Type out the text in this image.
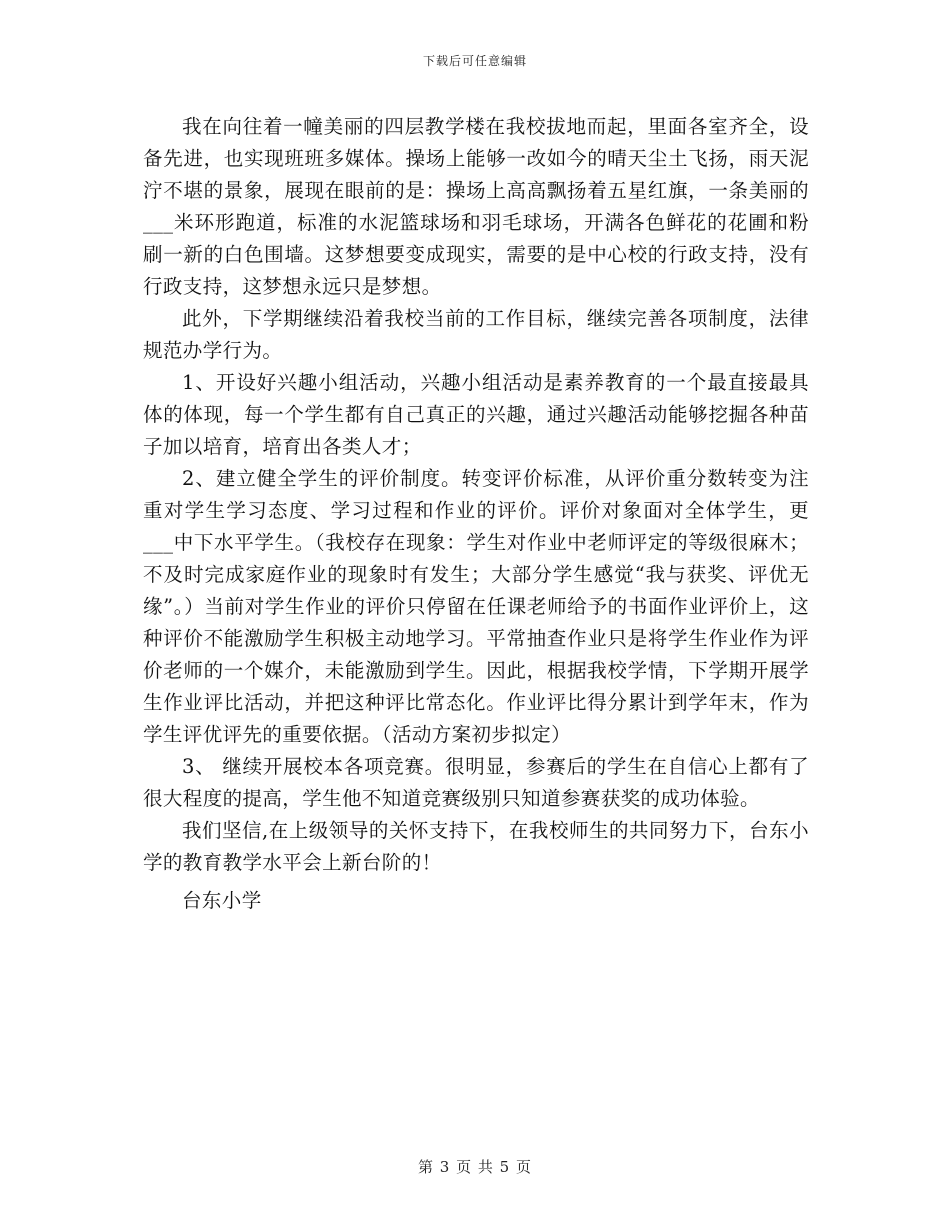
下载后可任意编辑

我在向往着一幢美丽的四层教学楼在我校拔地而起，里面各室齐全，设备先进，也实现班班多媒体。操场上能够一改如今的晴天尘土飞扬，雨天泥泞不堪的景象，展现在眼前的是：操场上高高飘扬着五星红旗，一条美丽的___米环形跑道，标准的水泥篮球场和羽毛球场，开满各色鲜花的花圃和粉刷一新的白色围墙。这梦想要变成现实，需要的是中心校的行政支持，没有行政支持，这梦想永远只是梦想。

此外，下学期继续沿着我校当前的工作目标，继续完善各项制度，法律规范办学行为。

1、开设好兴趣小组活动，兴趣小组活动是素养教育的一个最直接最具体的体现，每一个学生都有自己真正的兴趣，通过兴趣活动能够挖掘各种苗子加以培育，培育出各类人才；

2、建立健全学生的评价制度。转变评价标准，从评价重分数转变为注重对学生学习态度、学习过程和作业的评价。评价对象面对全体学生，更___中下水平学生。（我校存在现象：学生对作业中老师评定的等级很麻木；不及时完成家庭作业的现象时有发生；大部分学生感觉“我与获奖、评优无缘”。）当前对学生作业的评价只停留在任课老师给予的书面作业评价上，这种评价不能激励学生积极主动地学习。平常抽查作业只是将学生作业作为评价老师的一个媒介，未能激励到学生。因此，根据我校学情，下学期开展学生作业评比活动，并把这种评比常态化。作业评比得分累计到学年末，作为学生评优评先的重要依据。（活动方案初步拟定）

3、 继续开展校本各项竞赛。很明显，参赛后的学生在自信心上都有了很大程度的提高，学生他不知道竞赛级别只知道参赛获奖的成功体验。

我们坚信,在上级领导的关怀支持下，在我校师生的共同努力下，台东小学的教育教学水平会上新台阶的！

台东小学

第 3 页 共 5 页
